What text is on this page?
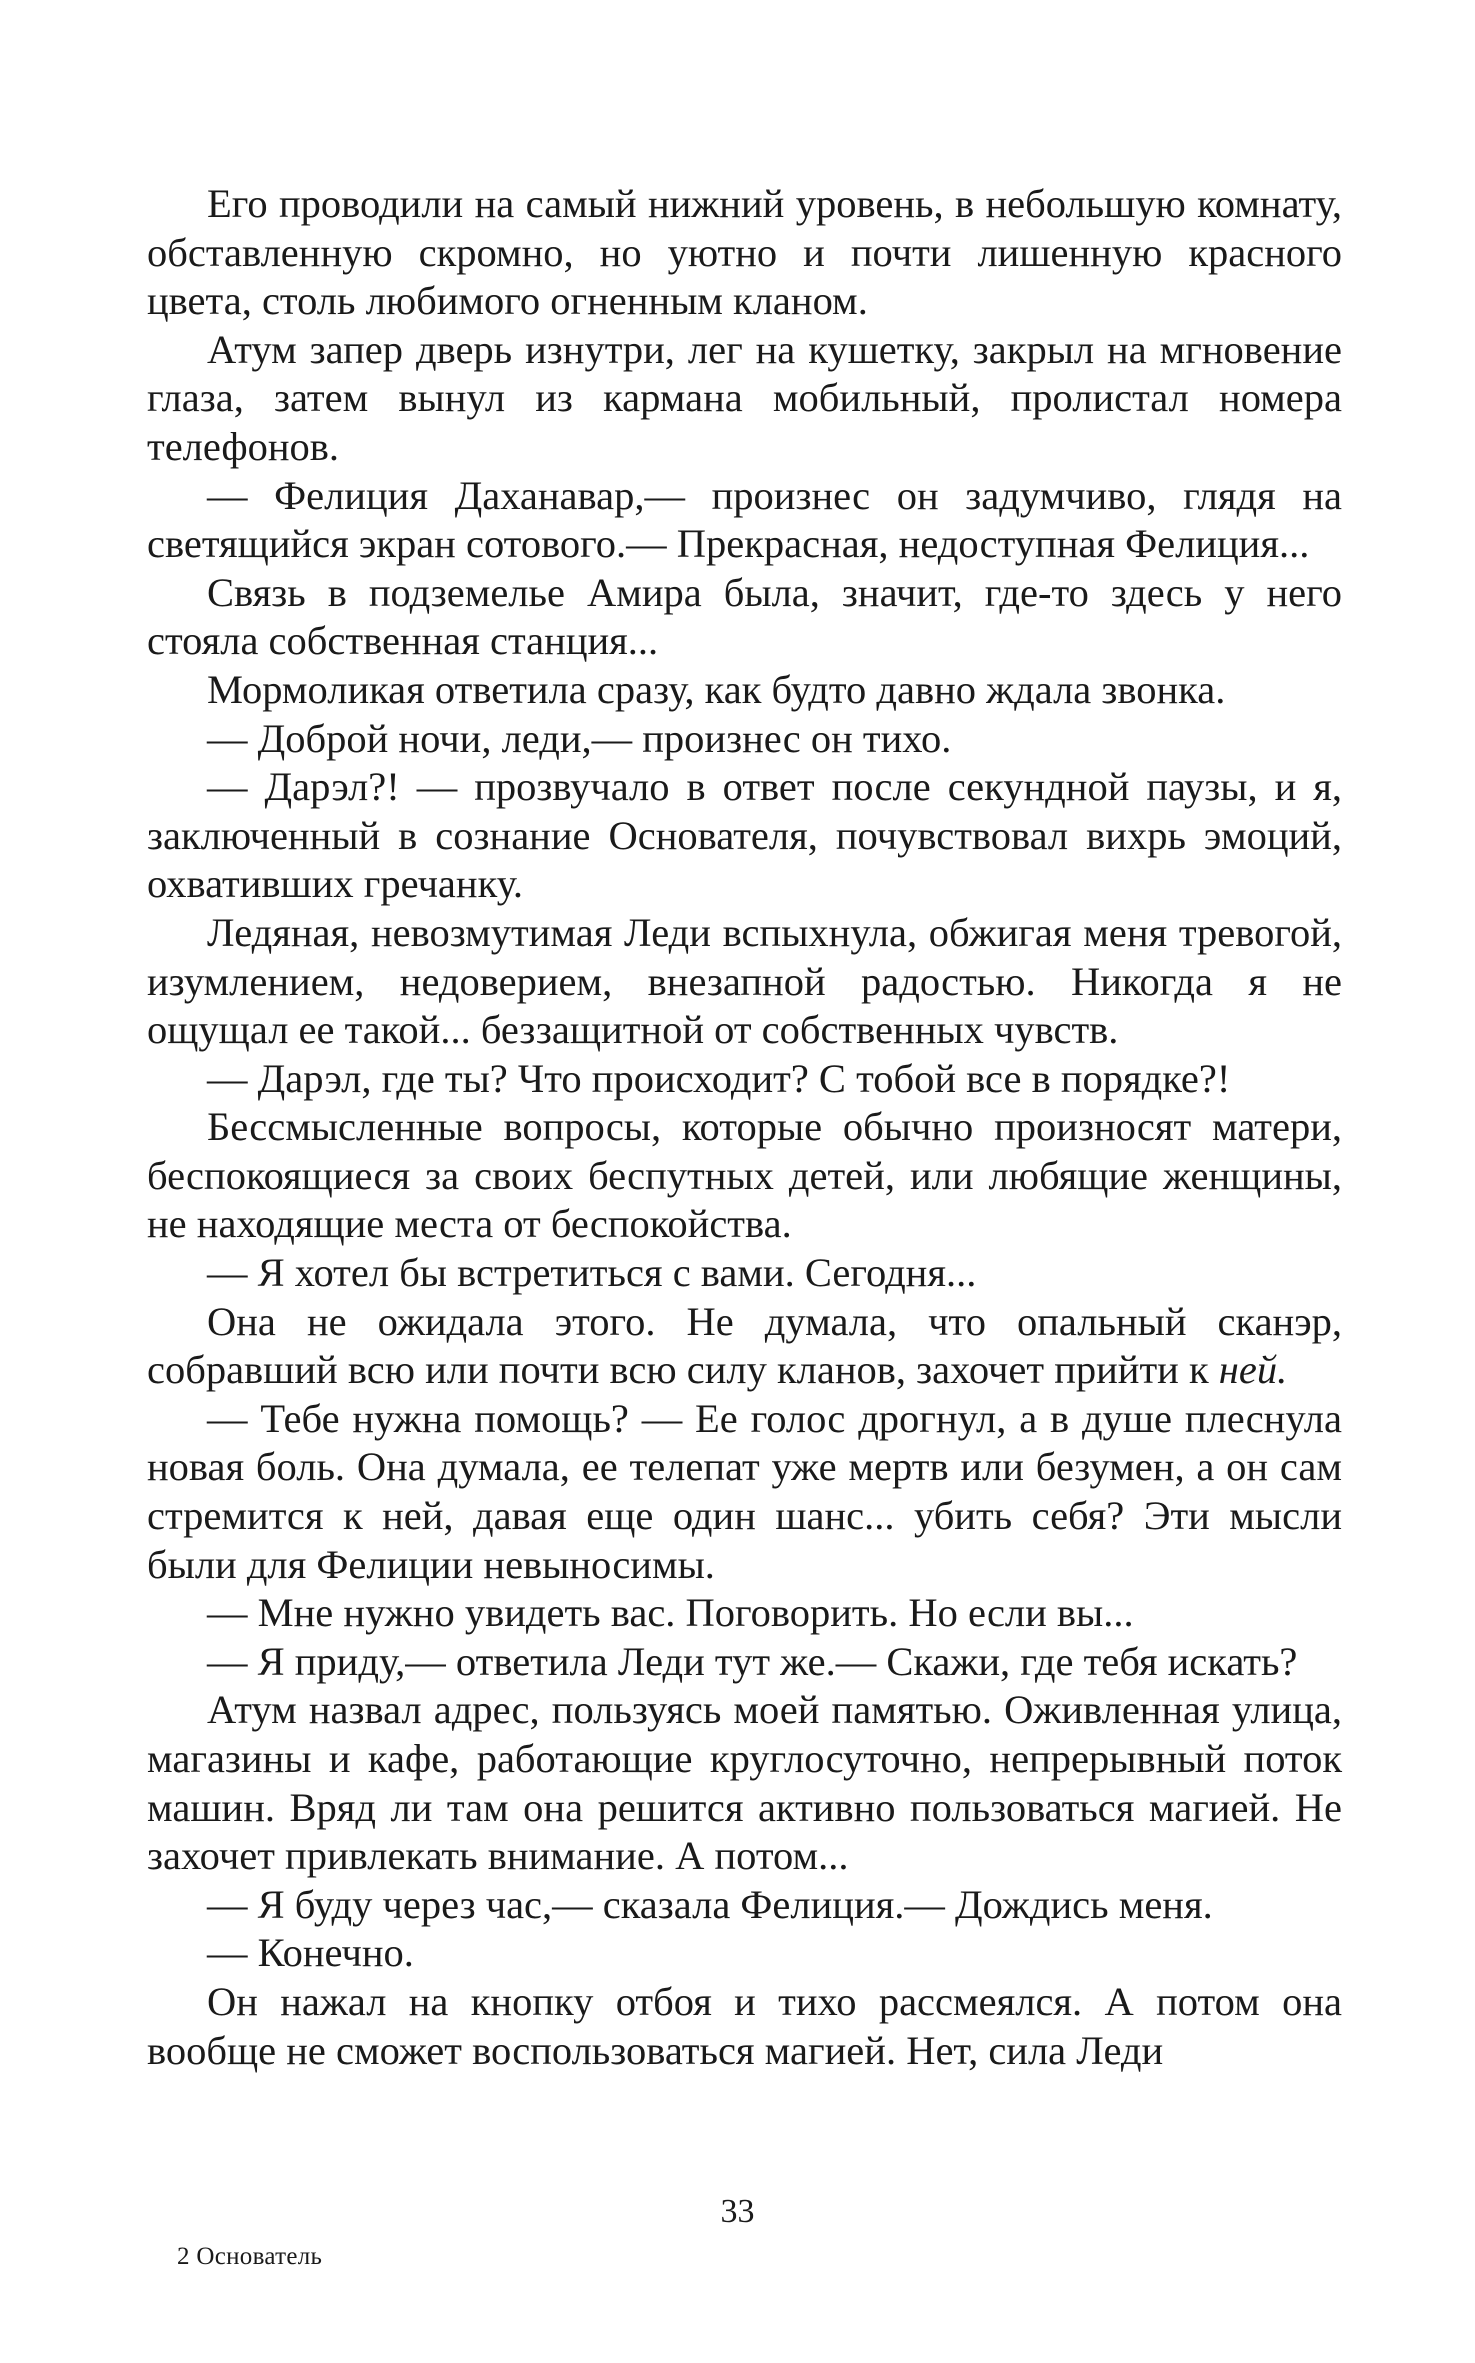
Его проводили на самый нижний уровень, в небольшую комнату, обставленную скромно, но уютно и почти лишенную красного цвета, столь любимого огненным кланом.

Атум запер дверь изнутри, лег на кушетку, закрыл на мгновение глаза, затем вынул из кармана мобильный, пролистал номера телефонов.

— Фелиция Даханавар,— произнес он задумчиво, глядя на светящийся экран сотового.— Прекрасная, недоступная Фелиция...

Связь в подземелье Амира была, значит, где-то здесь у него стояла собственная станция...

Мормоликая ответила сразу, как будто давно ждала звонка.

— Доброй ночи, леди,— произнес он тихо.

— Дарэл?! — прозвучало в ответ после секундной паузы, и я, заключенный в сознание Основателя, почувствовал вихрь эмоций, охвативших гречанку.

Ледяная, невозмутимая Леди вспыхнула, обжигая меня тревогой, изумлением, недоверием, внезапной радостью. Никогда я не ощущал ее такой... беззащитной от собственных чувств.

— Дарэл, где ты? Что происходит? С тобой все в порядке?!

Бессмысленные вопросы, которые обычно произносят матери, беспокоящиеся за своих беспутных детей, или любящие женщины, не находящие места от беспокойства.

— Я хотел бы встретиться с вами. Сегодня...

Она не ожидала этого. Не думала, что опальный сканэр, собравший всю или почти всю силу кланов, захочет прийти к ней.

— Тебе нужна помощь? — Ее голос дрогнул, а в душе плеснула новая боль. Она думала, ее телепат уже мертв или безумен, а он сам стремится к ней, давая еще один шанс... убить себя? Эти мысли были для Фелиции невыносимы.

— Мне нужно увидеть вас. Поговорить. Но если вы...

— Я приду,— ответила Леди тут же.— Скажи, где тебя искать?

Атум назвал адрес, пользуясь моей памятью. Оживленная улица, магазины и кафе, работающие круглосуточно, непрерывный поток машин. Вряд ли там она решится активно пользоваться магией. Не захочет привлекать внимание. А потом...

— Я буду через час,— сказала Фелиция.— Дождись меня.

— Конечно.

Он нажал на кнопку отбоя и тихо рассмеялся. А потом она вообще не сможет воспользоваться магией. Нет, сила Леди

33
2 Основатель
